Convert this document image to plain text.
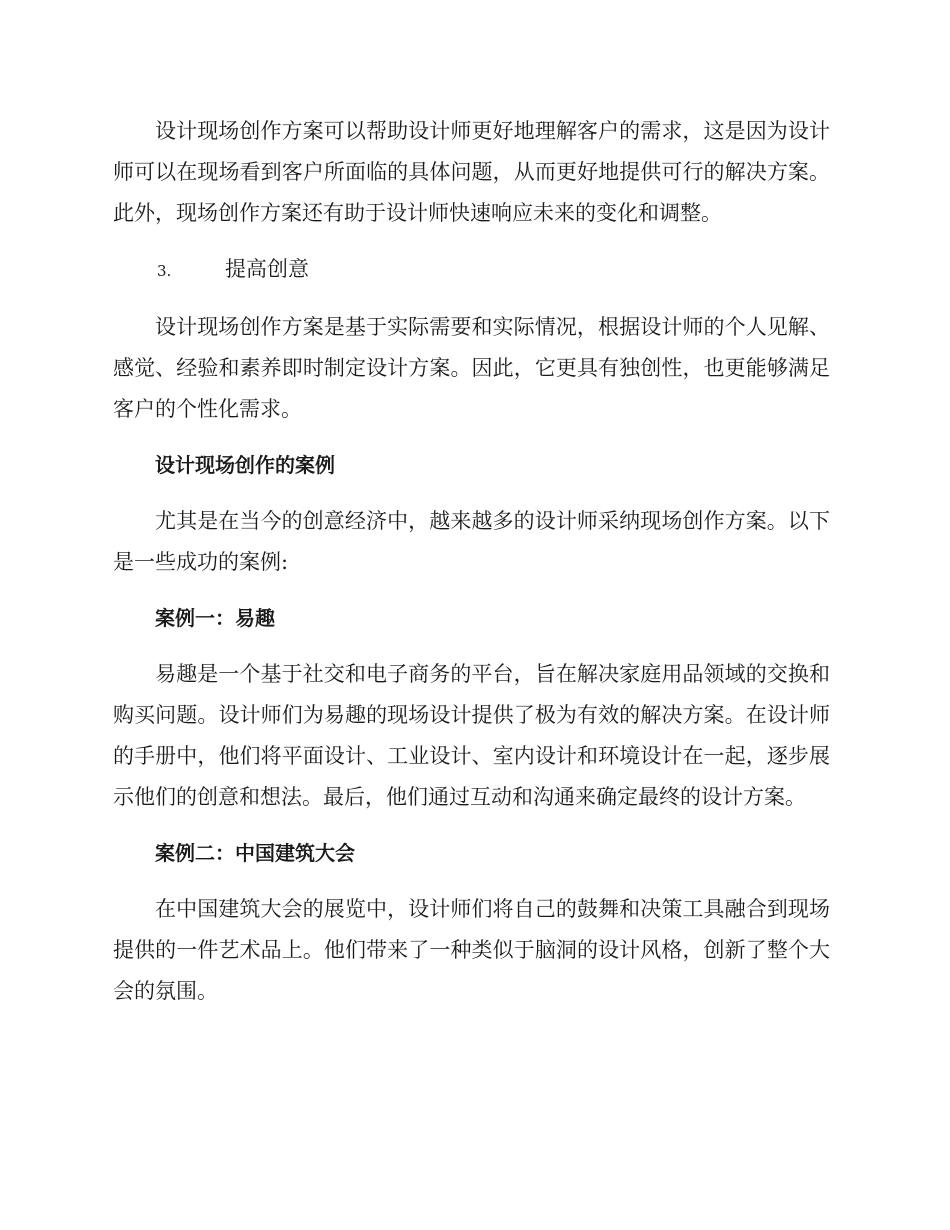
设计现场创作方案可以帮助设计师更好地理解客户的需求，这是因为设计师可以在现场看到客户所面临的具体问题，从而更好地提供可行的解决方案。此外，现场创作方案还有助于设计师快速响应未来的变化和调整。

3.	提高创意

设计现场创作方案是基于实际需要和实际情况，根据设计师的个人见解、感觉、经验和素养即时制定设计方案。因此，它更具有独创性，也更能够满足客户的个性化需求。

设计现场创作的案例

尤其是在当今的创意经济中，越来越多的设计师采纳现场创作方案。以下是一些成功的案例:

案例一：易趣

易趣是一个基于社交和电子商务的平台，旨在解决家庭用品领域的交换和购买问题。设计师们为易趣的现场设计提供了极为有效的解决方案。在设计师的手册中，他们将平面设计、工业设计、室内设计和环境设计在一起，逐步展示他们的创意和想法。最后，他们通过互动和沟通来确定最终的设计方案。

案例二：中国建筑大会

在中国建筑大会的展览中，设计师们将自己的鼓舞和决策工具融合到现场提供的一件艺术品上。他们带来了一种类似于脑洞的设计风格，创新了整个大会的氛围。
